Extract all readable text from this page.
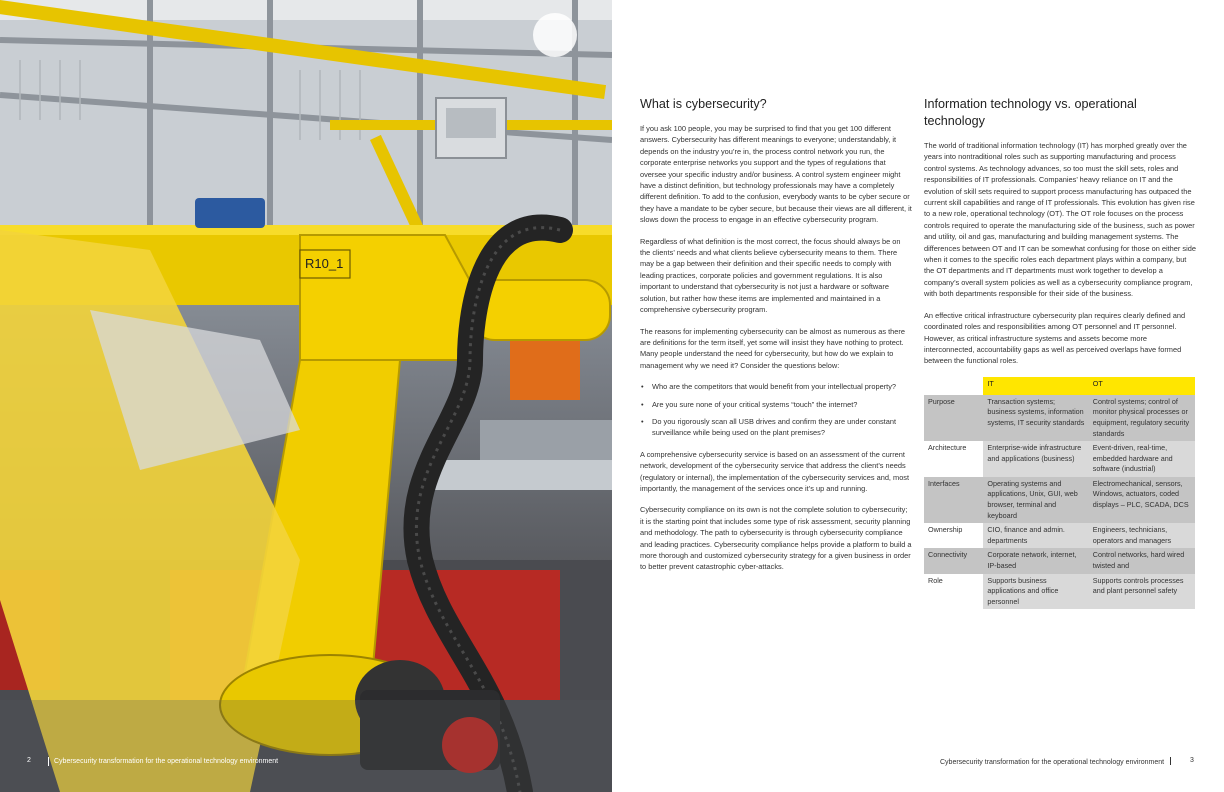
R10_1
2	Cybersecurity transformation for the operational technology environment
What is cybersecurity?

If you ask 100 people, you may be surprised to find that you get 100 different answers. Cybersecurity has different meanings to everyone; understandably, it depends on the industry you’re in, the process control network you run, the corporate enterprise networks you support and the types of regulations that oversee your specific industry and/or business. A control system engineer might have a distinct definition, but technology professionals may have a completely different definition. To add to the confusion, everybody wants to be cyber secure or they have a mandate to be cyber secure, but because their views are all different, it slows down the process to engage in an effective cybersecurity program.

Regardless of what definition is the most correct, the focus should always be on the clients’ needs and what clients believe cybersecurity means to them. There may be a gap between their definition and their specific needs to comply with leading practices, corporate policies and government regulations. It is also important to understand that cybersecurity is not just a hardware or software solution, but rather how these items are implemented and maintained in a comprehensive cybersecurity program.

The reasons for implementing cybersecurity can be almost as numerous as there are definitions for the term itself, yet some will insist they have nothing to protect. Many people understand the need for cybersecurity, but how do we explain to management why we need it? Consider the questions below:

• Who are the competitors that would benefit from your intellectual property?
• Are you sure none of your critical systems “touch” the internet?
• Do you rigorously scan all USB drives and confirm they are under constant surveillance while being used on the plant premises?

A comprehensive cybersecurity service is based on an assessment of the current network, development of the cybersecurity service that address the client’s needs (regulatory or internal), the implementation of the cybersecurity services and, most importantly, the management of the services once it’s up and running.

Cybersecurity compliance on its own is not the complete solution to cybersecurity; it is the starting point that includes some type of risk assessment, security planning and methodology. The path to cybersecurity is through cybersecurity compliance and leading practices. Cybersecurity compliance helps provide a platform to build a more thorough and customized cybersecurity strategy for a given business in order to better prevent catastrophic cyber-attacks.

Information technology vs. operational technology

The world of traditional information technology (IT) has morphed greatly over the years into nontraditional roles such as supporting manufacturing and process control systems. As technology advances, so too must the skill sets, roles and responsibilities of IT professionals. Companies’ heavy reliance on IT and the evolution of skill sets required to support process manufacturing has outpaced the current skill capabilities and range of IT professionals. This evolution has given rise to a new role, operational technology (OT). The OT role focuses on the process controls required to operate the manufacturing side of the business, such as power and utility, oil and gas, manufacturing and building management systems. The differences between OT and IT can be somewhat confusing for those on either side when it comes to the specific roles each department plays within a company, but the OT departments and IT departments must work together to develop a company’s overall system policies as well as a cybersecurity compliance program, with both departments responsible for their side of the business.

An effective critical infrastructure cybersecurity plan requires clearly defined and coordinated roles and responsibilities among OT personnel and IT personnel. However, as critical infrastructure systems and assets become more interconnected, accountability gaps as well as perceived overlaps have formed between the functional roles.

	IT	OT
Purpose	Transaction systems; business systems, information systems, IT security standards	Control systems; control of monitor physical processes or equipment, regulatory security standards
Architecture	Enterprise-wide infrastructure and applications (business)	Event-driven, real-time, embedded hardware and software (industrial)
Interfaces	Operating systems and applications, Unix, GUI, web browser, terminal and keyboard	Electromechanical, sensors, Windows, actuators, coded displays – PLC, SCADA, DCS
Ownership	CIO, finance and admin. departments	Engineers, technicians, operators and managers
Connectivity	Corporate network, internet, IP-based	Control networks, hard wired twisted and
Role	Supports business applications and office personnel	Supports controls processes and plant personnel safety
Cybersecurity transformation for the operational technology environment	3
